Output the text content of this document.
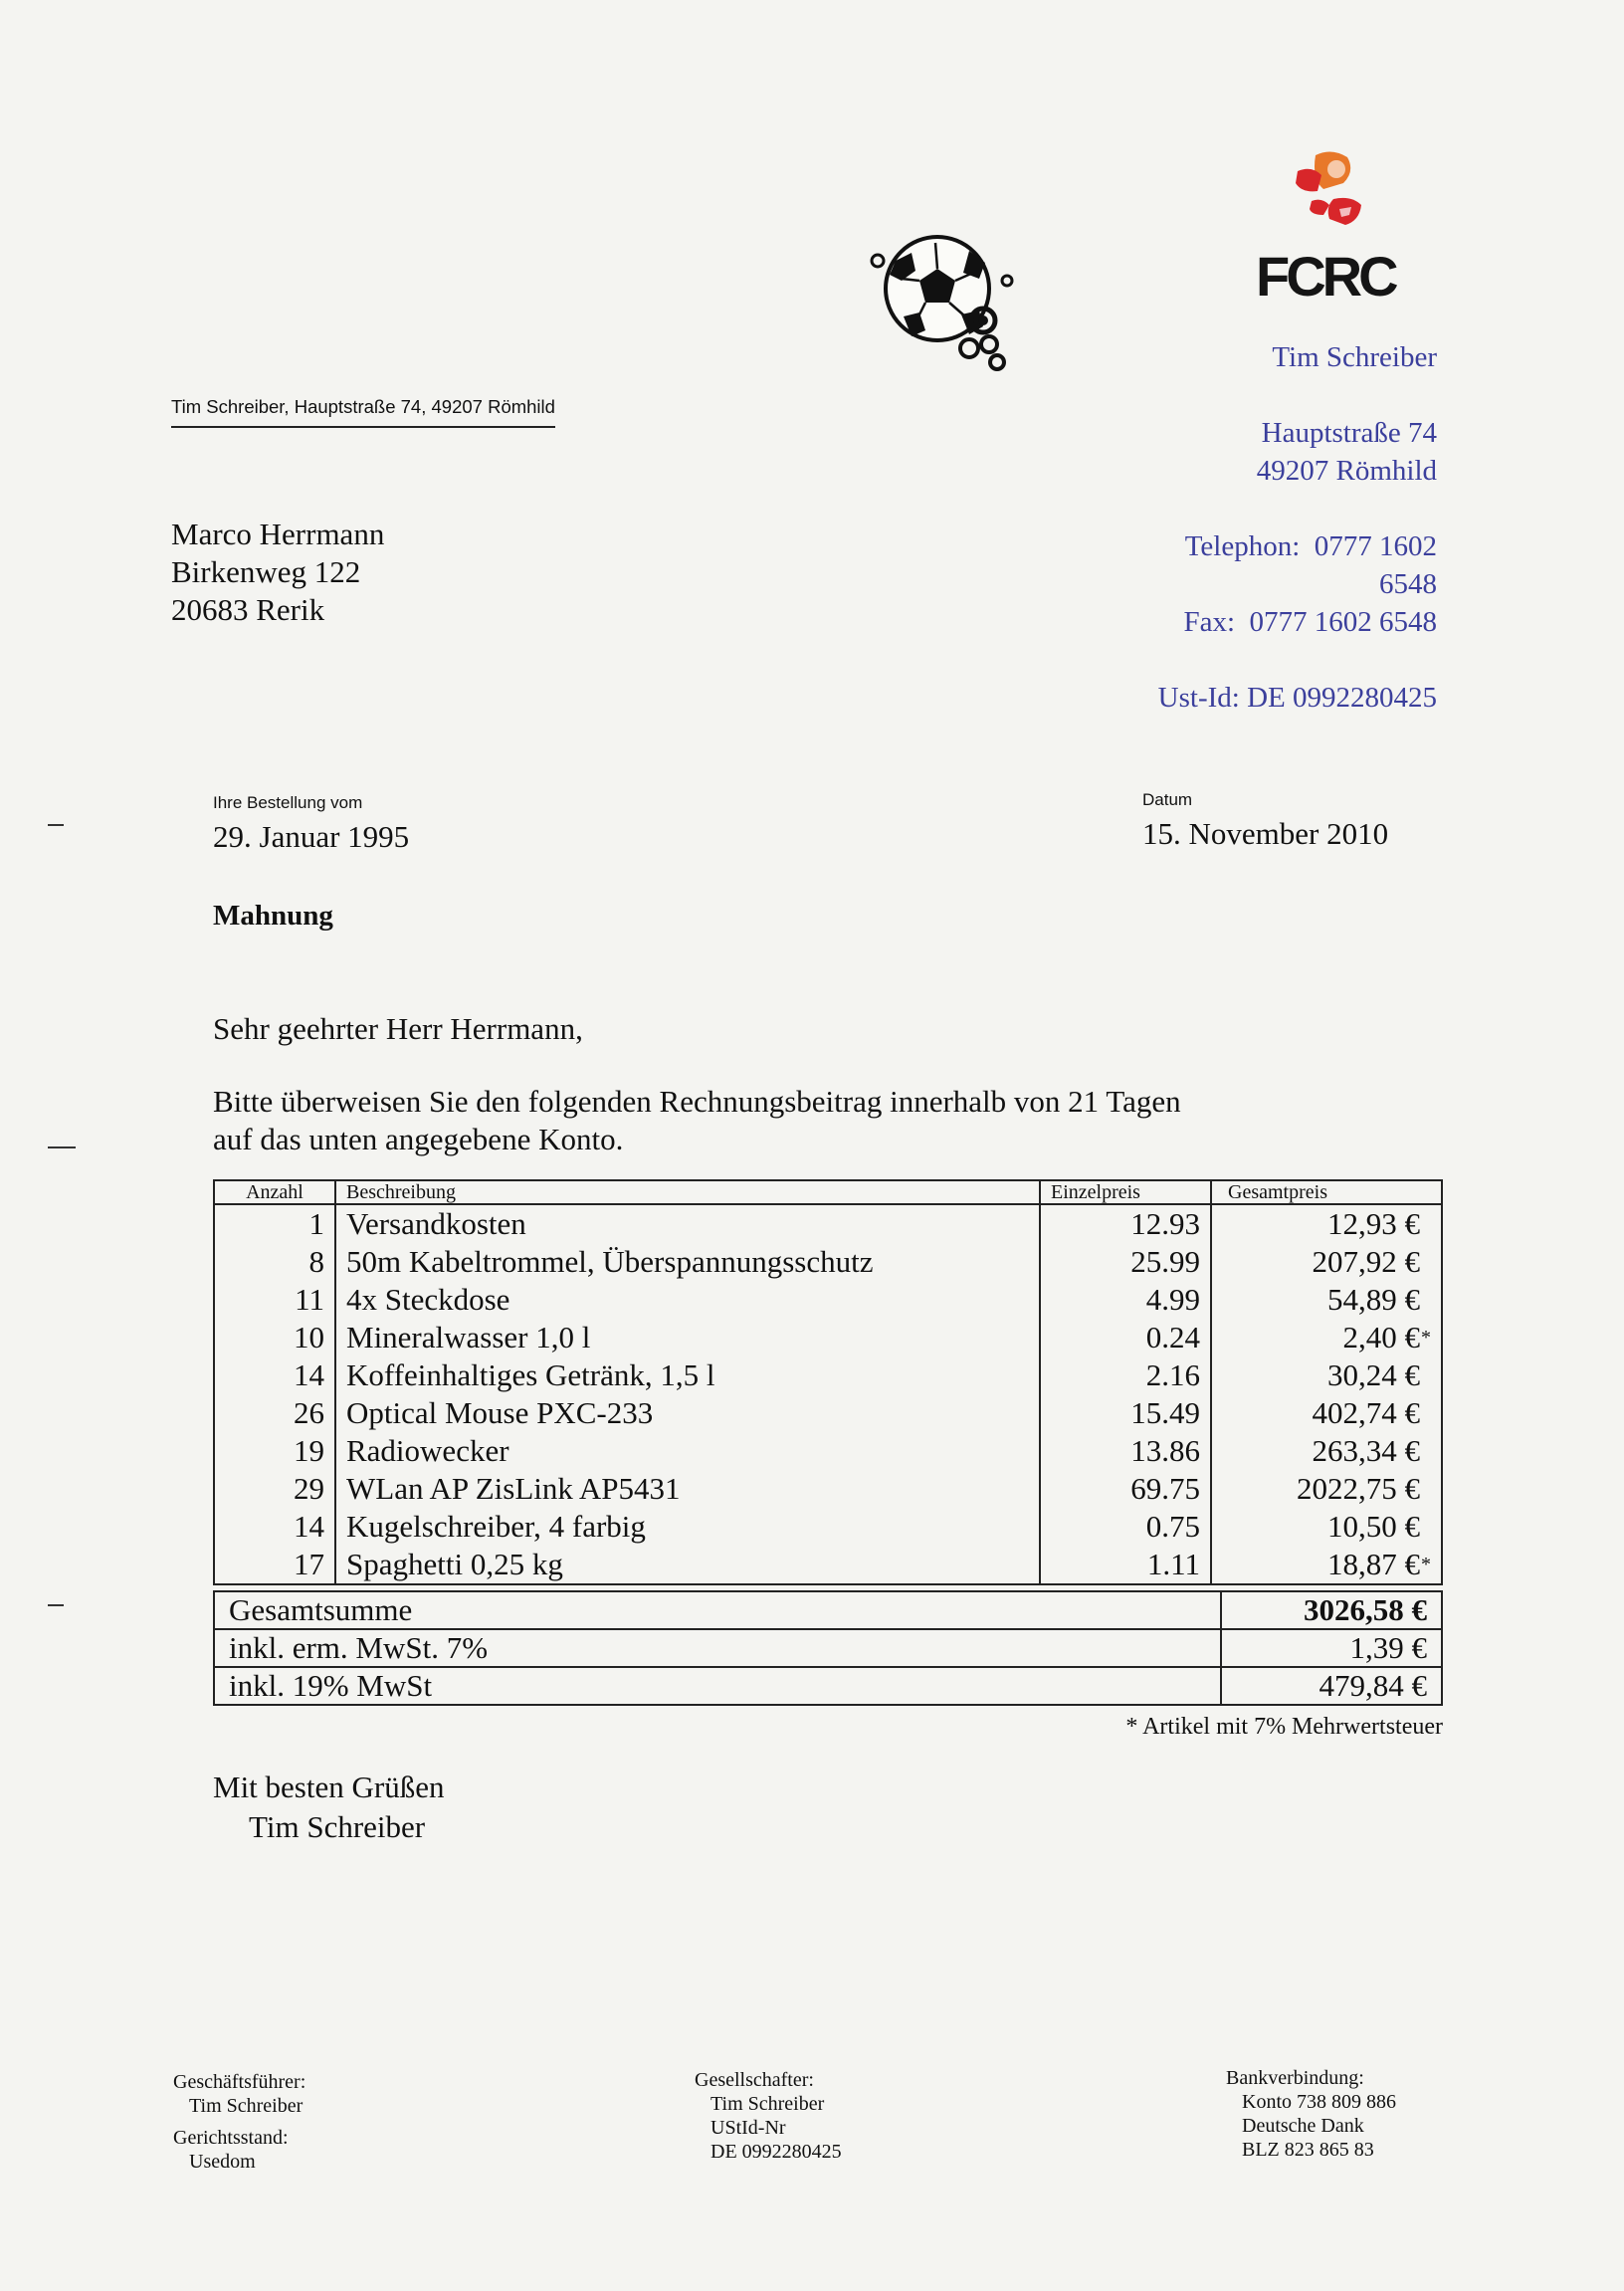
FCRC
Tim Schreiber
Hauptstraße 74
49207 Römhild
Telephon: 0777 1602
6548
Fax: 0777 1602 6548
Ust-Id: DE 0992280425
Tim Schreiber, Hauptstraße 74, 49207 Römhild
Marco Herrmann
Birkenweg 122
20683 Rerik
Ihre Bestellung vom
29. Januar 1995
Datum
15. November 2010
Mahnung
Sehr geehrter Herr Herrmann,
Bitte überweisen Sie den folgenden Rechnungsbeitrag innerhalb von 21 Tagen
auf das unten angegebene Konto.
Anzahl	Beschreibung	Einzelpreis	Gesamtpreis
1	Versandkosten	12.93	12,93 €
8	50m Kabeltrommel, Überspannungsschutz	25.99	207,92 €
11	4x Steckdose	4.99	54,89 €
10	Mineralwasser 1,0 l	0.24	2,40 €*
14	Koffeinhaltiges Getränk, 1,5 l	2.16	30,24 €
26	Optical Mouse PXC-233	15.49	402,74 €
19	Radiowecker	13.86	263,34 €
29	WLan AP ZisLink AP5431	69.75	2022,75 €
14	Kugelschreiber, 4 farbig	0.75	10,50 €
17	Spaghetti 0,25 kg	1.11	18,87 €*
Gesamtsumme	3026,58 €
inkl. erm. MwSt. 7%	1,39 €
inkl. 19% MwSt	479,84 €
* Artikel mit 7% Mehrwertsteuer
Mit besten Grüßen
Tim Schreiber
Geschäftsführer:
Tim Schreiber
Gerichtsstand:
Usedom
Gesellschafter:
Tim Schreiber
UStId-Nr
DE 0992280425
Bankverbindung:
Konto 738 809 886
Deutsche Dank
BLZ 823 865 83
